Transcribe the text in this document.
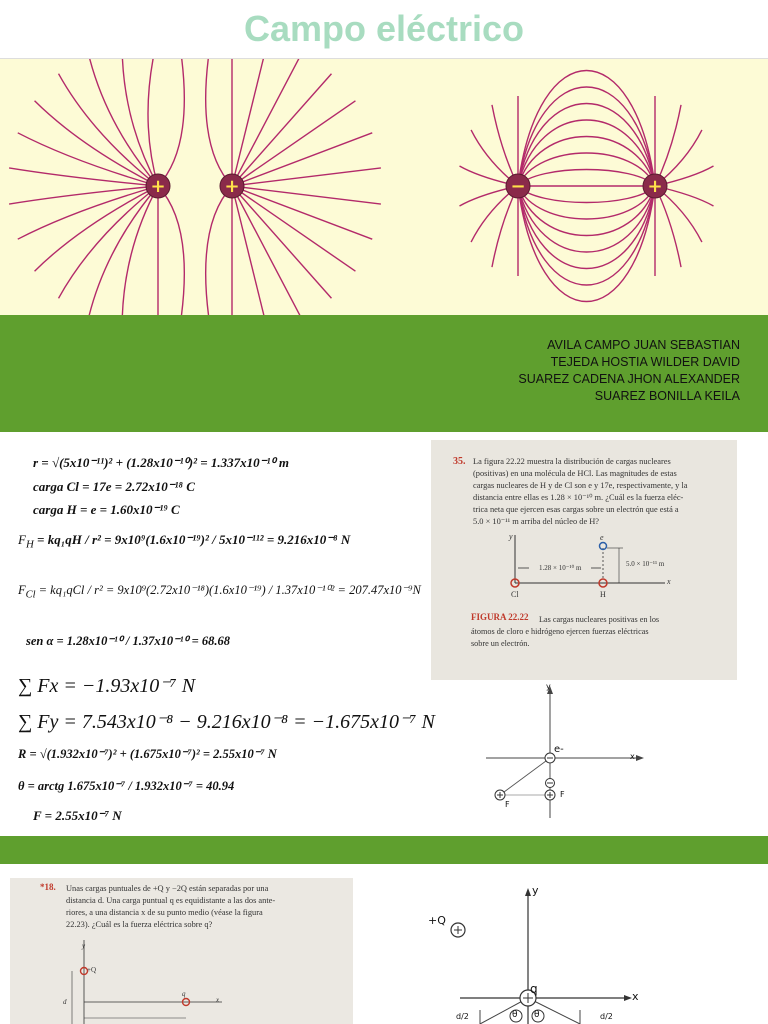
Campo eléctrico
+	+	−	+
AVILA CAMPO JUAN SEBASTIAN
TEJEDA HOSTIA WILDER DAVID
SUAREZ CADENA JHON ALEXANDER
SUAREZ BONILLA KEILA
r = √(5x10⁻¹¹)² + (1.28x10⁻¹⁰)² = 1.337x10⁻¹⁰ m
carga Cl = 17e = 2.72x10⁻¹⁸ C
carga H = e = 1.60x10⁻¹⁹ C
$F_H = kq_1qH / r^2 = 9x10^9(1.6x10^{-19})^2 / 5x10^{-112} = 9.216x10^{-8}$ N
$F_{Cl} = kq_1qCl / r^2 = 9x10^9(2.72x10^{-18})(1.6x10^{-19}) / 1.37x10^{-102} = 207.47x10^{-9}N$
sen α = 1.28x10⁻¹⁰ / 1.37x10⁻¹⁰ = 68.68
∑ Fx = −1.93x10⁻⁷ N
∑ Fy = 7.543x10⁻⁸ − 9.216x10⁻⁸ = −1.675x10⁻⁷ N
R = √(1.932x10⁻⁷)² + (1.675x10⁻⁷)² = 2.55x10⁻⁷ N
θ = arctg 1.675x10⁻⁷ / 1.932x10⁻⁷ = 40.94
F = 2.55x10⁻⁷ N
35. La figura 22.22 muestra la distribución de cargas nucleares
(positivas) en una molécula de HCl. Las magnitudes de estas
cargas nucleares de H y de Cl son e y 17e, respectivamente, y la
distancia entre ellas es 1.28 × 10⁻¹⁰ m. ¿Cuál es la fuerza eléc-
trica neta que ejercen esas cargas sobre un electrón que está a
5.0 × 10⁻¹¹ m arriba del núcleo de H?
1.28 × 10⁻¹⁰ m	5.0 × 10⁻¹¹ m
Cl	H
y
x
e
FIGURA 22.22	Las cargas nucleares positivas en los
átomos de cloro e hidrógeno ejercen fuerzas eléctricas
sobre un electrón.
y
x
e-
F
F
*18. Unas cargas puntuales de +Q y −2Q están separadas por una
distancia d. Una carga puntual q es equidistante a las dos ante-
riores, a una distancia x de su punto medio (véase la figura
22.23). ¿Cuál es la fuerza eléctrica sobre q?
+Q
q
y
x
d
+Q
q
y
x
d/2	d/2
θ θ
